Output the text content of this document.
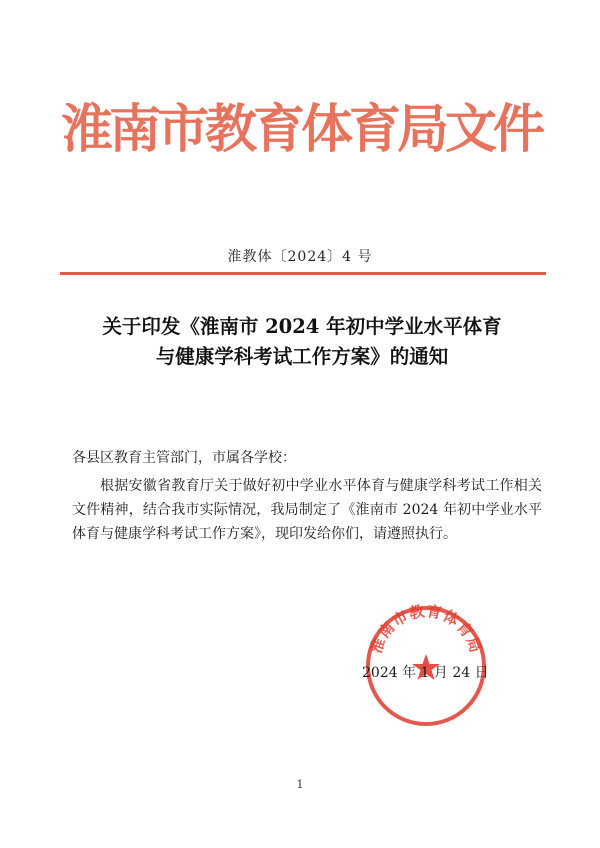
淮南市教育体育局文件
淮教体〔2024〕4 号
关于印发《淮南市 2024 年初中学业水平体育
与健康学科考试工作方案》的通知

各县区教育主管部门，市属各学校：

根据安徽省教育厅关于做好初中学业水平体育与健康学科考试工作相关文件精神，结合我市实际情况，我局制定了《淮南市 2024 年初中学业水平体育与健康学科考试工作方案》，现印发给你们，请遵照执行。

淮南市教育体育局
2024 年 1 月 24 日
1
